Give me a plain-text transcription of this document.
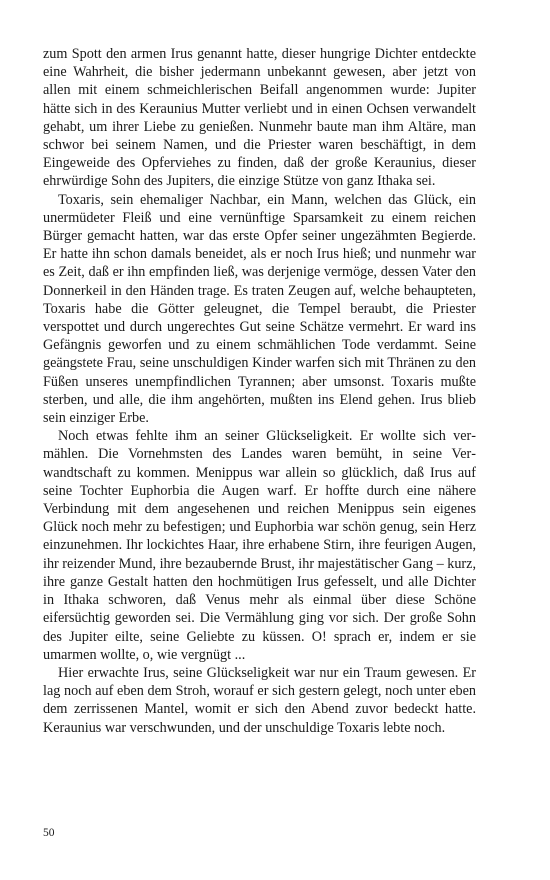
zum Spott den armen Irus genannt hatte, dieser hungrige Dichter entdeckte eine Wahrheit, die bisher jedermann unbekannt gewesen, aber jetzt von allen mit einem schmeichlerischen Beifall angenommen wurde: Jupiter hätte sich in des Keraunius Mutter verliebt und in einen Ochsen verwandelt gehabt, um ihrer Liebe zu genießen. Nunmehr baute man ihm Altäre, man schwor bei seinem Namen, und die Priester waren beschäftigt, in dem Eingeweide des Opferviehes zu finden, daß der große Keraunius, dieser ehrwürdige Sohn des Jupiters, die einzige Stütze von ganz Ithaka sei.

Toxaris, sein ehemaliger Nachbar, ein Mann, welchen das Glück, ein unermüdeter Fleiß und eine vernünftige Sparsamkeit zu einem reichen Bürger gemacht hatten, war das erste Opfer seiner ungezähmten Begierde. Er hatte ihn schon damals beneidet, als er noch Irus hieß; und nunmehr war es Zeit, daß er ihn empfinden ließ, was derjenige vermöge, dessen Vater den Donnerkeil in den Händen trage. Es traten Zeugen auf, welche behaupteten, Toxaris habe die Götter geleugnet, die Tempel beraubt, die Priester verspottet und durch ungerechtes Gut seine Schätze vermehrt. Er ward ins Gefängnis geworfen und zu einem schmählichen Tode verdammt. Seine geängstete Frau, seine unschuldigen Kinder warfen sich mit Thränen zu den Füßen unseres unempfindlichen Tyrannen; aber umsonst. Toxaris mußte sterben, und alle, die ihm angehörten, mußten ins Elend gehen. Irus blieb sein einziger Erbe.

Noch etwas fehlte ihm an seiner Glückseligkeit. Er wollte sich vermählen. Die Vornehmsten des Landes waren bemüht, in seine Verwandtschaft zu kommen. Menippus war allein so glücklich, daß Irus auf seine Tochter Euphorbia die Augen warf. Er hoffte durch eine nähere Verbindung mit dem angesehenen und reichen Menippus sein eigenes Glück noch mehr zu befestigen; und Euphorbia war schön genug, sein Herz einzunehmen. Ihr lockichtes Haar, ihre erhabene Stirn, ihre feurigen Augen, ihr reizender Mund, ihre bezaubernde Brust, ihr majestätischer Gang – kurz, ihre ganze Gestalt hatten den hochmütigen Irus gefesselt, und alle Dichter in Ithaka schworen, daß Venus mehr als einmal über diese Schöne eifersüchtig geworden sei. Die Vermählung ging vor sich. Der große Sohn des Jupiter eilte, seine Geliebte zu küssen. O! sprach er, indem er sie umarmen wollte, o, wie vergnügt ...

Hier erwachte Irus, seine Glückseligkeit war nur ein Traum gewesen. Er lag noch auf eben dem Stroh, worauf er sich gestern gelegt, noch unter eben dem zerrissenen Mantel, womit er sich den Abend zuvor bedeckt hatte. Keraunius war verschwunden, und der unschuldige Toxaris lebte noch.

50
